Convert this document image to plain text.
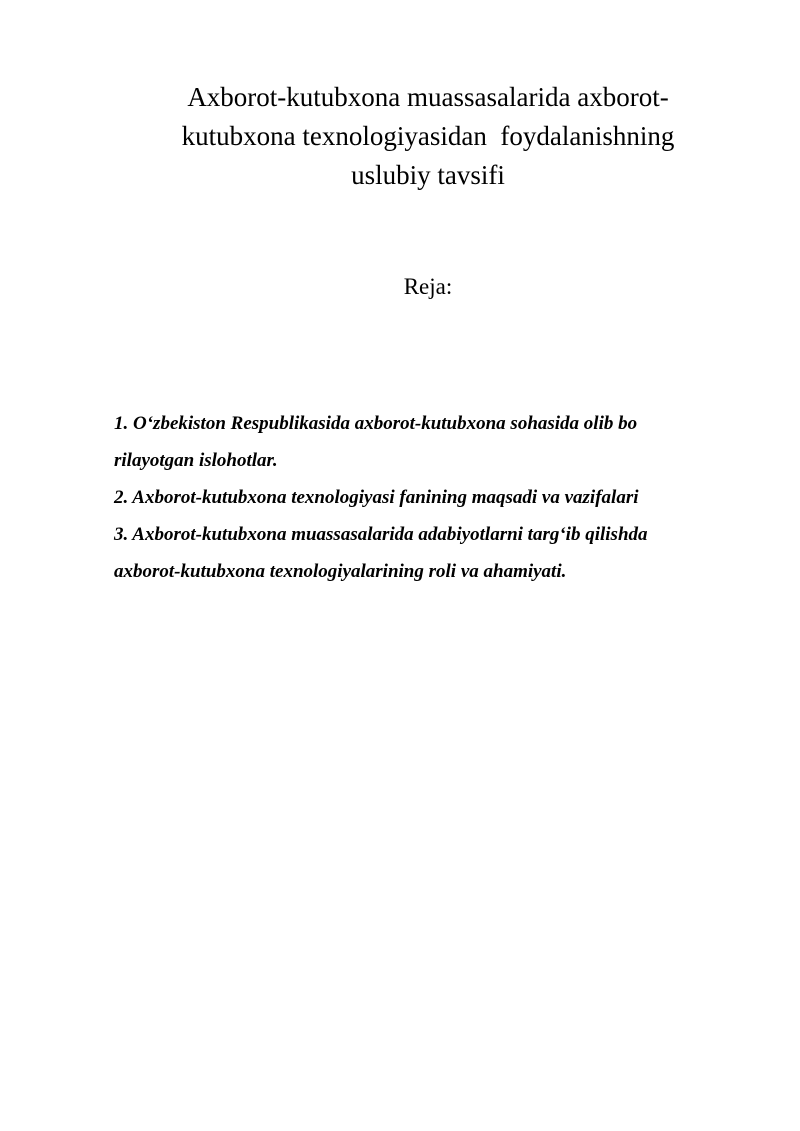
Axborot-kutubxona muassasalarida axborot-
kutubxona texnologiyasidan  foydalanishning
uslubiy tavsifi
Reja:
1. O‘zbekiston Respublikasida axborot-kutubxona sohasida olib bo
rilayotgan islohotlar.
2. Axborot-kutubxona texnologiyasi fanining maqsadi va vazifalari
3. Axborot-kutubxona muassasalarida adabiyotlarni targ‘ib qilishda
axborot-kutubxona texnologiyalarining roli va ahamiyati.
